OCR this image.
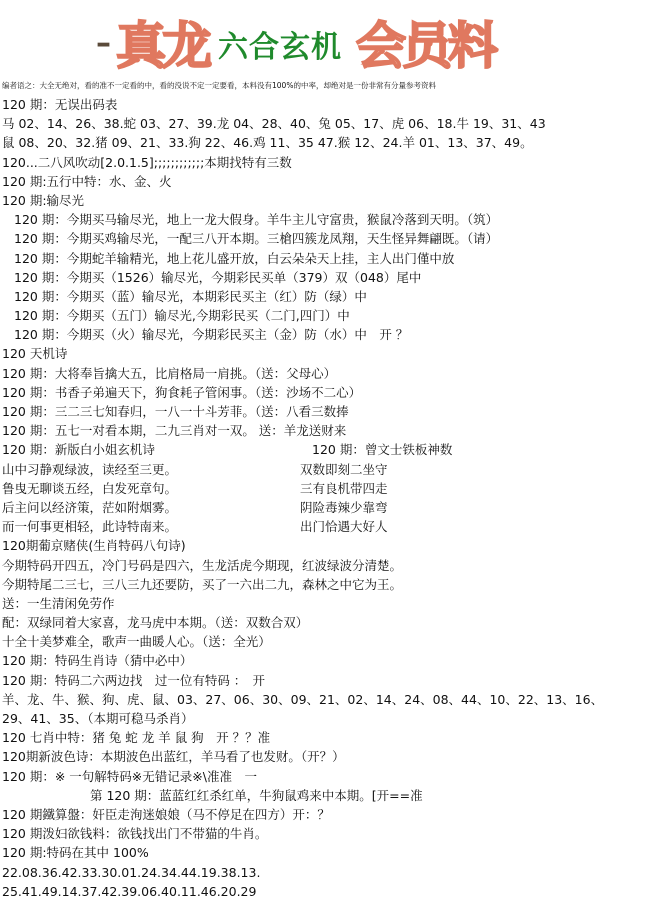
– 真龙 六合玄机 会员料
编者语之：大全无绝对，看的准不一定看的中，看的没说不定一定要看，本料没有100%的中率，却绝对是一份非常有分量参考资料
120 期：无误出码表
马 02、14、26、38.蛇 03、27、39.龙 04、28、40、兔 05、17、虎 06、18.牛 19、31、43
鼠 08、20、32.猪 09、21、33.狗 22、46.鸡 11、35 47.猴 12、24.羊 01、13、37、49。
120...二八风吹动[2.0.1.5];;;;;;;;;;;;本期找特有三数
120 期:五行中特：水、金、火
120 期:输尽光
120 期：今期买马输尽光，地上一龙大假身。羊牛主儿守富贵，猴鼠冷落到天明。（筑）
120 期：今期买鸡输尽光，一配三八开本期。三槍四簇龙凤翔，天生怪异舞翩既。（请）
120 期：今期蛇羊输精光，地上花儿盛开放，白云朵朵天上挂，主人出门僅中放
120 期：今期买（1526）输尽光，今期彩民买单（379）双（048）尾中
120 期：今期买（蓝）输尽光，本期彩民买主（红）防（绿）中
120 期：今期买（五门）输尽光,今期彩民买（二门,四门）中
120 期：今期买（火）输尽光，今期彩民买主（金）防（水）中　开 ？
120 天机诗
120 期：大将奉旨擒大五，比肩格局一肩挑。（送：父母心）
120 期：书香子弟遍天下，狗食耗子管闲事。（送：沙场不二心）
120 期：三二三七知春归，一八一十斗芳菲。（送：八看三数捧
120 期：五七一对看本期，二九三肖对一双。 送：羊龙送财来
120 期：新版白小姐玄机诗	120 期：曾文士铁板神数
山中习静观绿波，读经至三更。	双数即刻二坐守
鲁曳无聊谈五经，白发死章句。	三有良机带四走
后主问以经济策，茫如附烟雾。	阴险毒辣少靠弯
而一何事更相轻，此诗特南来。	出门恰遇大好人
120期葡京赌侠(生肖特码八句诗)
今期特码开四五，冷门号码是四六，生龙活虎今期现，红波绿波分清楚。
今期特尾二三七，三八三九还要防，买了一六出二九，森林之中它为王。
送：一生清闲免劳作
配：双绿同着大家喜，龙马虎中本期。（送：双数合双）
十全十美梦难全，歌声一曲暖人心。（送：全光）
120 期：特码生肖诗（猜中必中）
120 期：特码二六两边找　过一位有特码 ：　开
羊、龙、牛、猴、狗、虎、鼠、03、27、06、30、09、21、02、14、24、08、44、10、22、13、16、
29、41、35、（本期可稳马杀肖）
120 七肖中特：猪 兔 蛇 龙 羊 鼠 狗　开 ？？准
120期新波色诗：本期波色出蓝红，羊马看了也发财。（开？）
120 期：※ 一句解特码※无错记录※\准准　一
第 120 期：蓝蓝红红杀红单，牛狗鼠鸡来中本期。[开==准
120 期鐵算盤：奸臣走洵迷娘娘（马不停足在四方）开：？
120 期泼妇欲钱料：欲钱找出门不带猫的牛肖。
120 期:特码在其中 100%
22.08.36.42.33.30.01.24.34.44.19.38.13.
25.41.49.14.37.42.39.06.40.11.46.20.29
